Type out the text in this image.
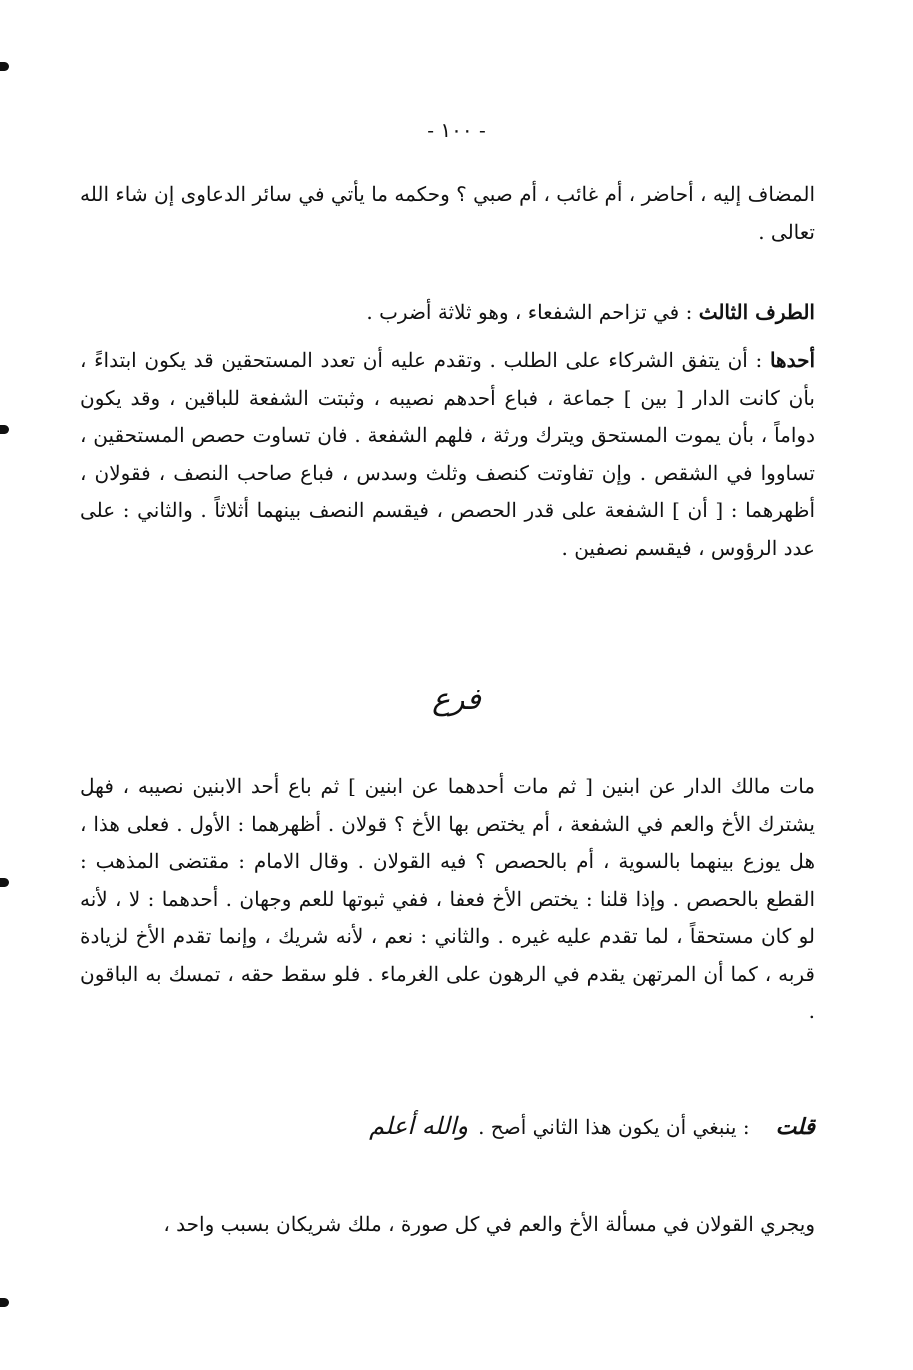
- ١٠٠ -

المضاف إليه ، أحاضر ، أم غائب ، أم صبي ؟ وحكمه ما يأتي في سائر الدعاوى إن شاء الله تعالى .

الطرف الثالث : في تزاحم الشفعاء ، وهو ثلاثة أضرب .

أحدها : أن يتفق الشركاء على الطلب . وتقدم عليه أن تعدد المستحقين قد يكون ابتداءً ، بأن كانت الدار [ بين ] جماعة ، فباع أحدهم نصيبه ، وثبتت الشفعة للباقين ، وقد يكون دواماً ، بأن يموت المستحق ويترك ورثة ، فلهم الشفعة . فان تساوت حصص المستحقين ، تساووا في الشقص . وإن تفاوتت كنصف وثلث وسدس ، فباع صاحب النصف ، فقولان ، أظهرهما : [ أن ] الشفعة على قدر الحصص ، فيقسم النصف بينهما أثلاثاً . والثاني : على عدد الرؤوس ، فيقسم نصفين .

فرع

مات مالك الدار عن ابنين [ ثم مات أحدهما عن ابنين ] ثم باع أحد الابنين نصيبه ، فهل يشترك الأخ والعم في الشفعة ، أم يختص بها الأخ ؟ قولان . أظهرهما : الأول . فعلى هذا ، هل يوزع بينهما بالسوية ، أم بالحصص ؟ فيه القولان . وقال الامام : مقتضى المذهب : القطع بالحصص . وإذا قلنا : يختص الأخ فعفا ، ففي ثبوتها للعم وجهان . أحدهما : لا ، لأنه لو كان مستحقاً ، لما تقدم عليه غيره . والثاني : نعم ، لأنه شريك ، وإنما تقدم الأخ لزيادة قربه ، كما أن المرتهن يقدم في الرهون على الغرماء . فلو سقط حقه ، تمسك به الباقون .

قلت: ينبغي أن يكون هذا الثاني أصح .والله أعلم
ويجري القولان في مسألة الأخ والعم في كل صورة ، ملك شريكان بسبب واحد ،
